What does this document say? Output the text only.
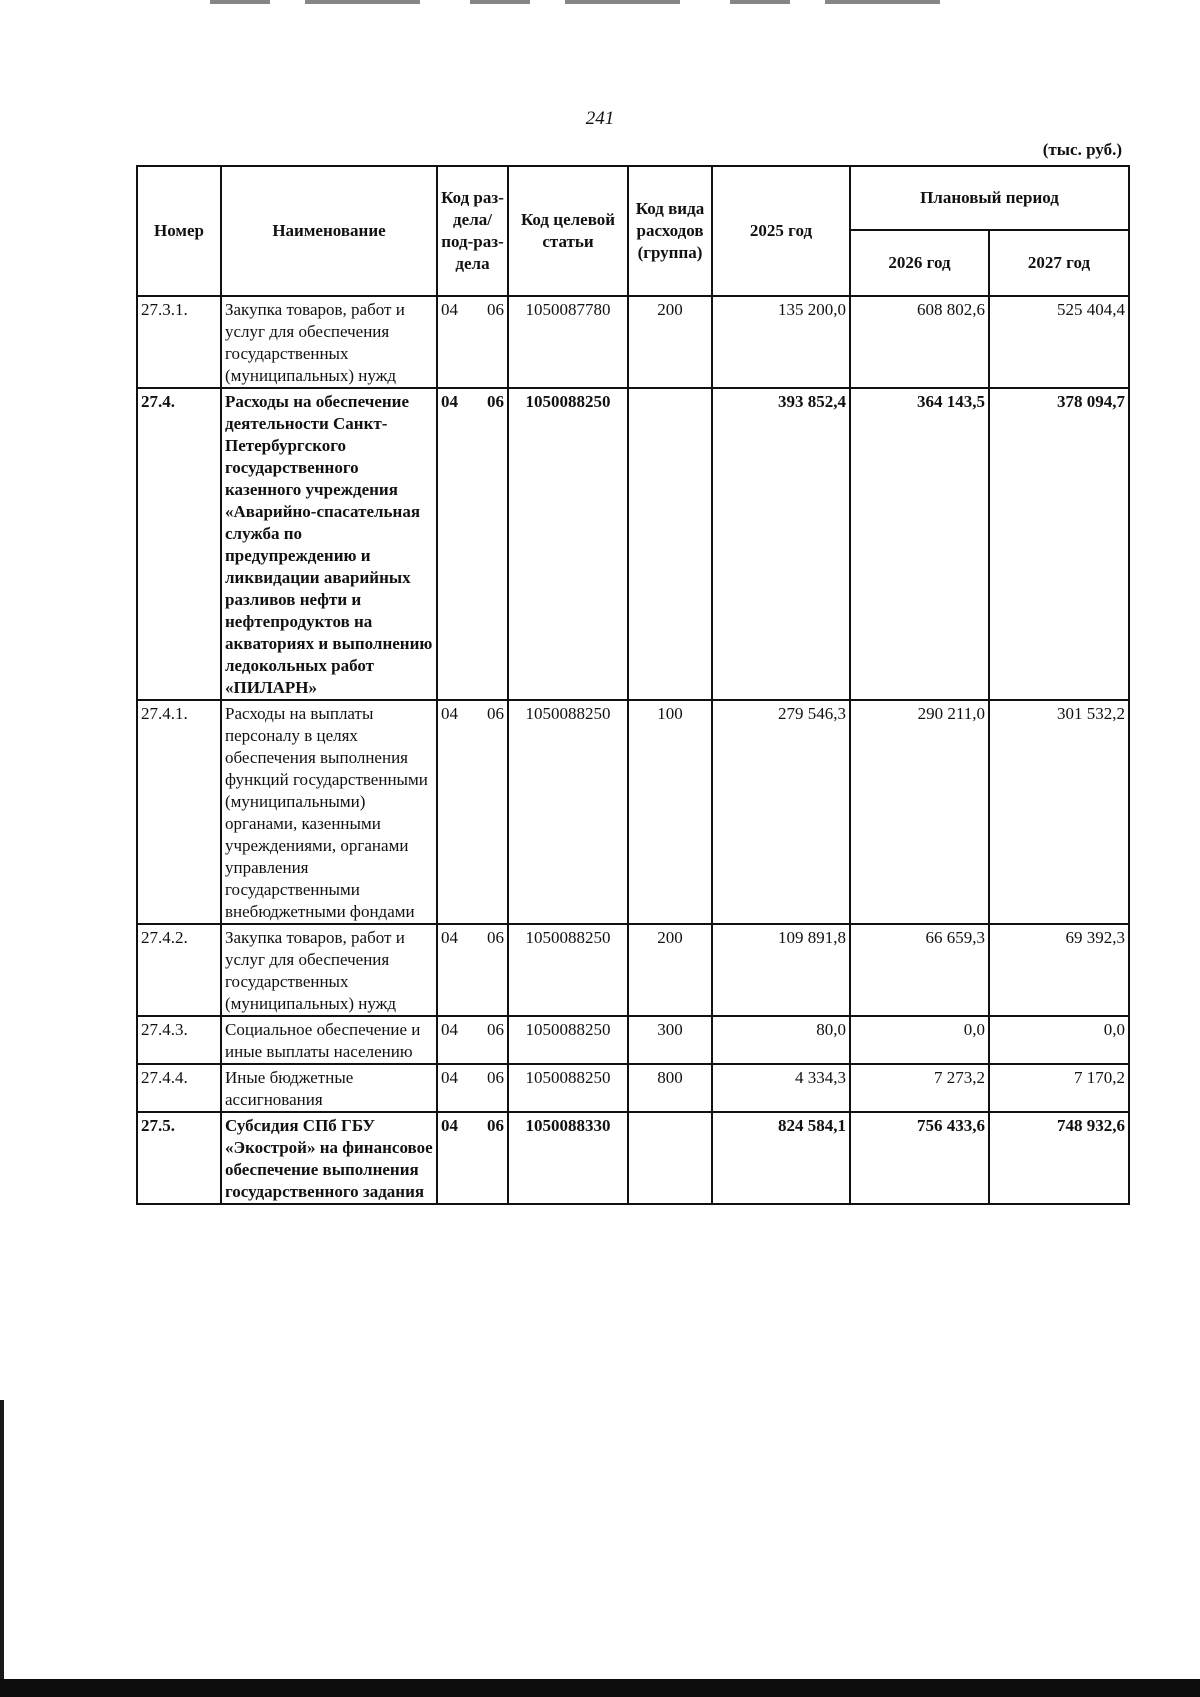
241
(тыс. руб.)
Номер	Наименование	Код раз-дела/ под-раз-дела	Код целевой статьи	Код вида расходов (группа)	2025 год	Плановый период	
						2026 год	2027 год
27.3.1.	Закупка товаров, работ и услуг для обеспечения государственных (муниципальных) нужд	04 06	1050087780	200	135 200,0	608 802,6	525 404,4
27.4.	Расходы на обеспечение деятельности Санкт-Петербургского государственного казенного учреждения «Аварийно-спасательная служба по предупреждению и ликвидации аварийных разливов нефти и нефтепродуктов на акваториях и выполнению ледокольных работ «ПИЛАРН»	04 06	1050088250		393 852,4	364 143,5	378 094,7
27.4.1.	Расходы на выплаты персоналу в целях обеспечения выполнения функций государственными (муниципальными) органами, казенными учреждениями, органами управления государственными внебюджетными фондами	04 06	1050088250	100	279 546,3	290 211,0	301 532,2
27.4.2.	Закупка товаров, работ и услуг для обеспечения государственных (муниципальных) нужд	04 06	1050088250	200	109 891,8	66 659,3	69 392,3
27.4.3.	Социальное обеспечение и иные выплаты населению	04 06	1050088250	300	80,0	0,0	0,0
27.4.4.	Иные бюджетные ассигнования	04 06	1050088250	800	4 334,3	7 273,2	7 170,2
27.5.	Субсидия СПб ГБУ «Экострой» на финансовое обеспечение выполнения государственного задания	04 06	1050088330		824 584,1	756 433,6	748 932,6
